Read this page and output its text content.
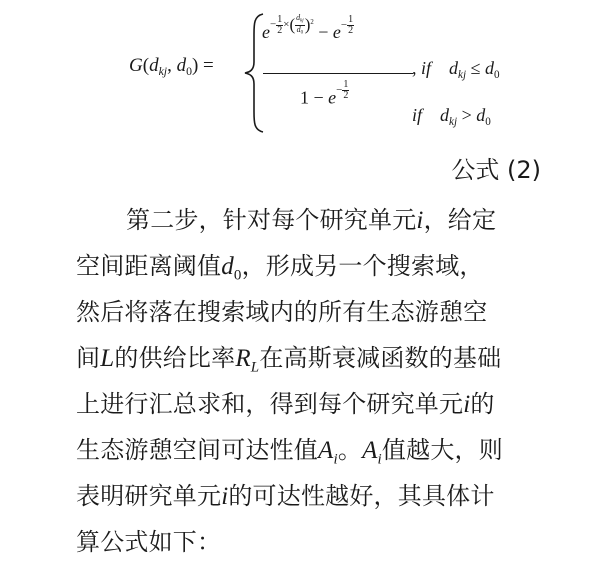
$G(d_{kj}$, $d_0$) =
$e- \frac{1}{2}$ ×( $d_{kj}$
$d_0$ )$^2 - e- \frac{1}{2}$
$1 - e- \frac{1}{2}$
, if $d_{kj} \le d_0$
if $d_{kj} > d_0$
公式 (2)
第二步，针对每个研究单元i，给定
空间距离阈值$d_0$，形成另一个搜索域，
然后将落在搜索域内的所有生态游憩空
间L的供给比率$R_L$在高斯衰减函数的基础
上进行汇总求和，得到每个研究单元i的
生态游憩空间可达性值$A_i$。$A_i$值越大，则
表明研究单元i的可达性越好，其具体计
算公式如下：
